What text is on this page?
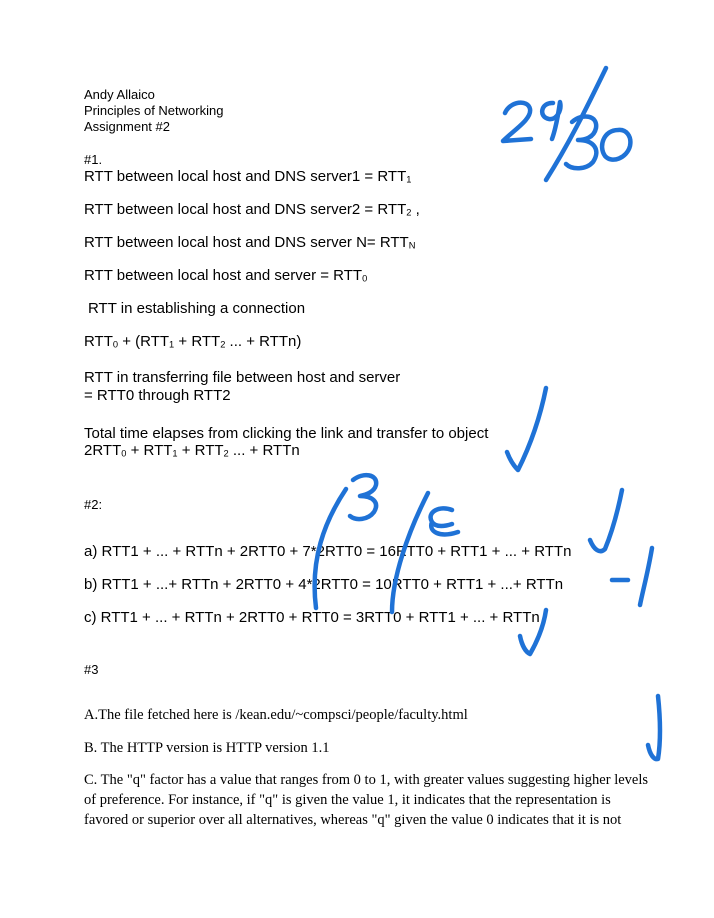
Andy Allaico
Principles of Networking
Assignment #2
#1.
RTT between local host and DNS server1 = RTT1
RTT between local host and DNS server2 = RTT2 ,
RTT between local host and DNS server N= RTTN
RTT between local host and server = RTT0
RTT in establishing a connection
RTT0 + (RTT1 + RTT2 ... + RTTn)
RTT in transferring file between host and server
= RTT0 through RTT2
Total time elapses from clicking the link and transfer to object
2RTT0 + RTT1 + RTT2 ... + RTTn
#2:
a) RTT1 + ... + RTTn + 2RTT0 + 7*2RTT0 = 16RTT0 + RTT1 + ... + RTTn
b) RTT1 + ...+ RTTn + 2RTT0 + 4*2RTT0 = 10RTT0 + RTT1 + ...+ RTTn
c) RTT1 + ... + RTTn + 2RTT0 + RTT0 = 3RTT0 + RTT1 + ... + RTTn
#3
A.The file fetched here is /kean.edu/~compsci/people/faculty.html
B. The HTTP version is HTTP version 1.1
C. The "q" factor has a value that ranges from 0 to 1, with greater values suggesting higher levels of preference. For instance, if "q" is given the value 1, it indicates that the representation is favored or superior over all alternatives, whereas "q" given the value 0 indicates that it is not
